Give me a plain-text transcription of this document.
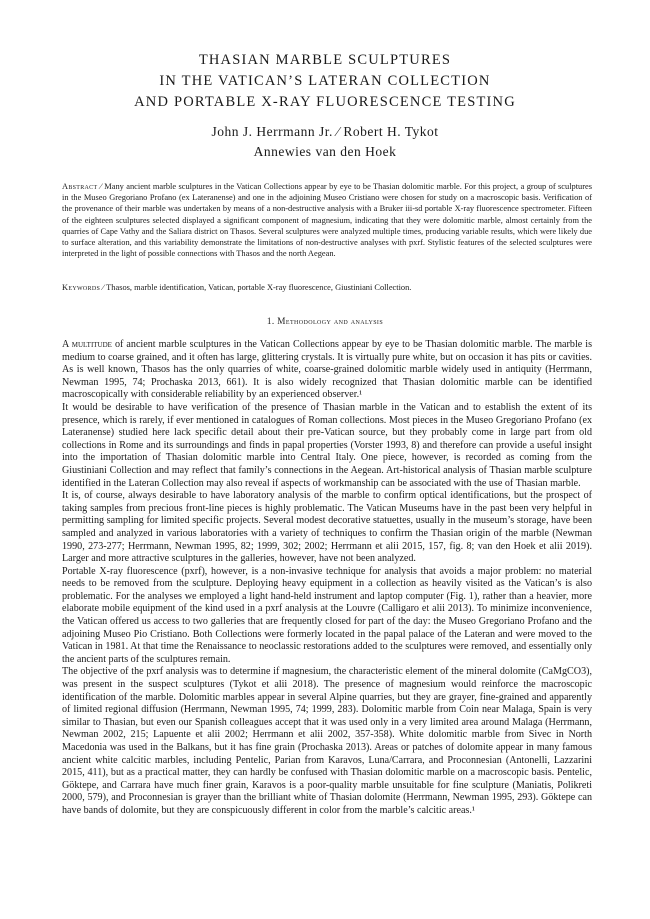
THASIAN MARBLE SCULPTURES
IN THE VATICAN’S LATERAN COLLECTION
AND PORTABLE X-RAY FLUORESCENCE TESTING
John J. Herrmann Jr. ⁄ Robert H. Tykot
Annewies van den Hoek
Abstract ⁄ Many ancient marble sculptures in the Vatican Collections appear by eye to be Thasian dolomitic marble. For this project, a group of sculptures in the Museo Gregoriano Profano (ex Lateranense) and one in the adjoining Museo Cristiano were chosen for study on a macroscopic basis. Verification of the provenance of their marble was undertaken by means of a non-destructive analysis with a Bruker iii-sd portable X-ray fluorescence spectrometer. Fifteen of the eighteen sculptures selected displayed a significant component of magnesium, indicating that they were dolomitic marble, almost certainly from the quarries of Cape Vathy and the Saliara district on Thasos. Several sculptures were analyzed multiple times, producing variable results, which were likely due to surface alteration, and this variability demonstrate the limitations of non-destructive analyses with pxrf. Stylistic features of the selected sculptures were interpreted in the light of possible connections with Thasos and the north Aegean.
Keywords ⁄ Thasos, marble identification, Vatican, portable X-ray fluorescence, Giustiniani Collection.
1. Methodology and analysis

A multitude of ancient marble sculptures in the Vatican Collections appear by eye to be Thasian dolomitic marble. The marble is medium to coarse grained, and it often has large, glittering crystals. It is virtually pure white, but on occasion it has pits or cavities. As is well known, Thasos has the only quarries of white, coarse-grained dolomitic marble widely used in antiquity (Herrmann, Newman 1995, 74; Prochaska 2013, 661). It is also widely recognized that Thasian dolomitic marble can be identified macroscopically with considerable reliability by an experienced observer.¹

It would be desirable to have verification of the presence of Thasian marble in the Vatican and to establish the extent of its presence, which is rarely, if ever mentioned in catalogues of Roman collections. Most pieces in the Museo Gregoriano Profano (ex Lateranense) studied here lack specific detail about their pre-Vatican source, but they probably come in large part from old collections in Rome and its surroundings and finds in papal properties (Vorster 1993, 8) and therefore can provide a useful insight into the importation of Thasian dolomitic marble into Central Italy. One piece, however, is recorded as coming from the Giustiniani Collection and may reflect that family’s connections in the Aegean. Art-historical analysis of Thasian marble sculpture identified in the Lateran Collection may also reveal if aspects of workmanship can be associated with the use of Thasian marble.

It is, of course, always desirable to have laboratory analysis of the marble to confirm optical identifications, but the prospect of taking samples from precious front-line pieces is highly problematic. The Vatican Museums have in the past been very helpful in permitting sampling for limited specific projects. Several modest decorative statuettes, usually in the museum’s storage, have been sampled and analyzed in various laboratories with a variety of techniques to confirm the Thasian origin of the marble (Newman 1990, 273-277; Herrmann, Newman 1995, 82; 1999, 302; 2002; Herrmann et alii 2015, 157, fig. 8; van den Hoek et alii 2019). Larger and more attractive sculptures in the galleries, however, have not been analyzed.

Portable X-ray fluorescence (pxrf), however, is a non-invasive technique for analysis that avoids a major problem: no material needs to be removed from the sculpture. Deploying heavy equipment in a collection as heavily visited as the Vatican’s is also problematic. For the analyses we employed a light hand-held instrument and laptop computer (Fig. 1), rather than a heavier, more elaborate mobile equipment of the kind used in a pxrf analysis at the Louvre (Calligaro et alii 2013). To minimize inconvenience, the Vatican offered us access to two galleries that are frequently closed for part of the day: the Museo Gregoriano Profano and the adjoining Museo Pio Cristiano. Both Collections were formerly located in the papal palace of the Lateran and were moved to the Vatican in 1981. At that time the Renaissance to neoclassic restorations added to the sculptures were removed, and essentially only the ancient parts of the sculptures remain.

The objective of the pxrf analysis was to determine if magnesium, the characteristic element of the mineral dolomite (CaMgCO3), was present in the suspect sculptures (Tykot et alii 2018). The presence of magnesium would reinforce the macroscopic identification of the marble. Dolomitic marbles appear in several Alpine quarries, but they are grayer, fine-grained and apparently of limited regional diffusion (Herrmann, Newman 1995, 74; 1999, 283). Dolomitic marble from Coin near Malaga, Spain is very similar to Thasian, but even our Spanish colleagues accept that it was used only in a very limited area around Malaga (Herrmann, Newman 2002, 215; Lapuente et alii 2002; Herrmann et alii 2002, 357-358). White dolomitic marble from Sivec in North Macedonia was used in the Balkans, but it has fine grain (Prochaska 2013). Areas or patches of dolomite appear in many famous ancient white calcitic marbles, including Pentelic, Parian from Karavos, Luna/Carrara, and Proconnesian (Antonelli, Lazzarini 2015, 411), but as a practical matter, they can hardly be confused with Thasian dolomitic marble on a macroscopic basis. Pentelic, Göktepe, and Carrara have much finer grain, Karavos is a poor-quality marble unsuitable for fine sculpture (Maniatis, Polikreti 2000, 579), and Proconnesian is grayer than the brilliant white of Thasian dolomite (Herrmann, Newman 1995, 293). Göktepe can have bands of dolomite, but they are conspicuously different in color from the marble’s calcitic areas.¹
